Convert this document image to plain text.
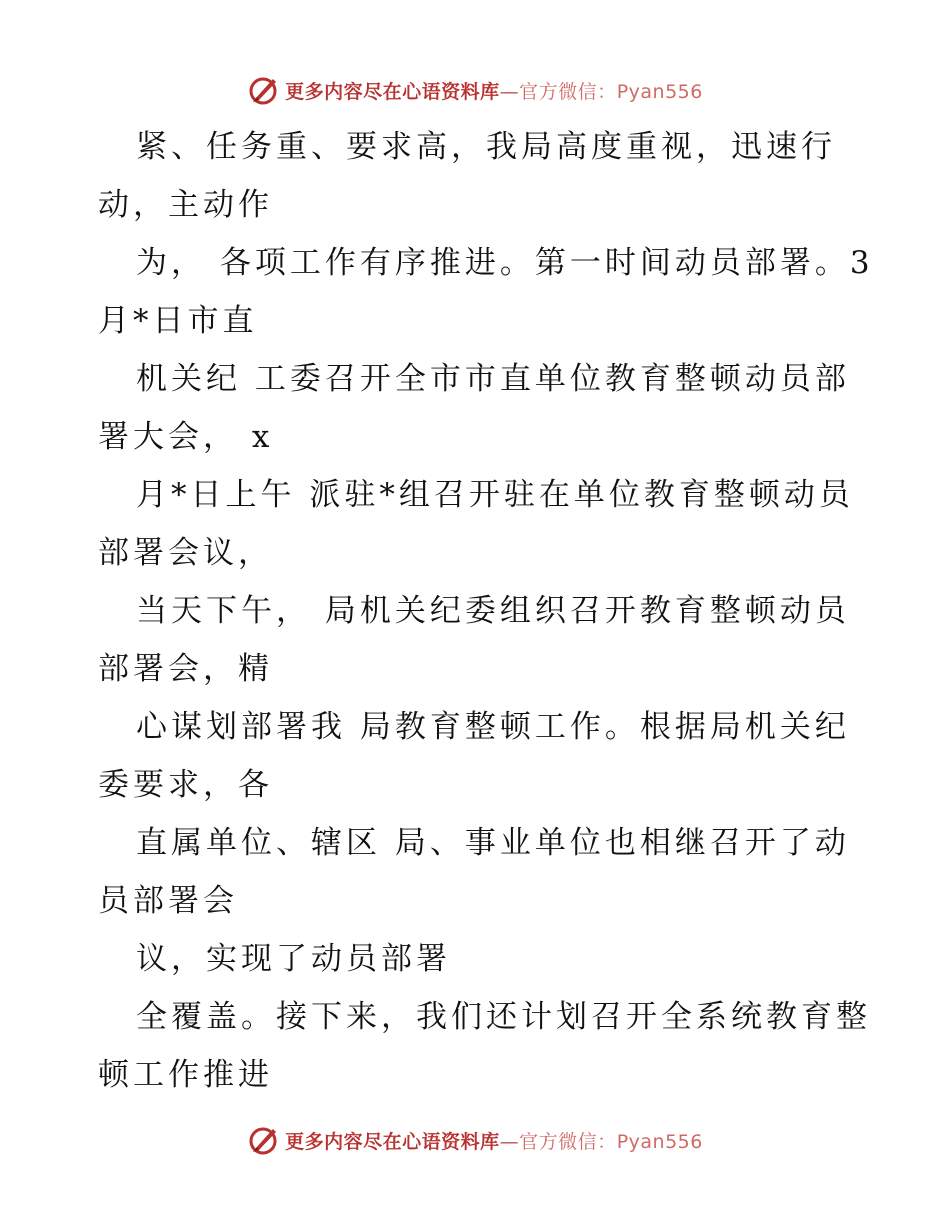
更多内容尽在心语资料库—官方微信：Pyan556

紧、任务重、要求高，我局高度重视，迅速行
动，主动作

为， 各项工作有序推进。第一时间动员部署。3
月*日市直

机关纪 工委召开全市市直单位教育整顿动员部
署大会， x

月*日上午 派驻*组召开驻在单位教育整顿动员
部署会议，

当天下午， 局机关纪委组织召开教育整顿动员
部署会，精

心谋划部署我 局教育整顿工作。根据局机关纪
委要求，各

直属单位、辖区 局、事业单位也相继召开了动
员部署会

议，实现了动员部署

全覆盖。接下来，我们还计划召开全系统教育整
顿工作推进

更多内容尽在心语资料库—官方微信：Pyan556
